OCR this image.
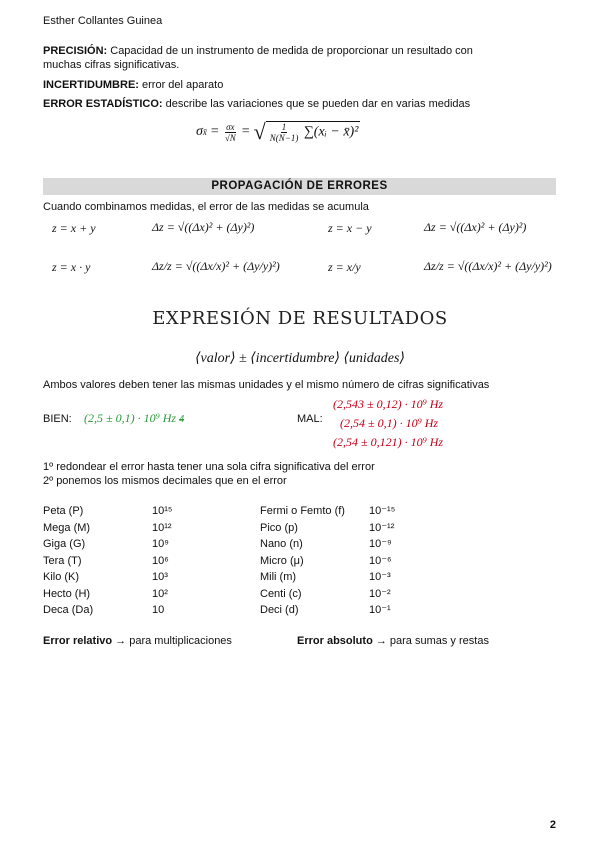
Esther Collantes Guinea
PRECISIÓN: Capacidad de un instrumento de medida de proporcionar un resultado con
muchas cifras significativas.
INCERTIDUMBRE: error del aparato
ERROR ESTADÍSTICO: describe las variaciones que se pueden dar en varias medidas
σ x̄ = $\frac{\sigma x}{√N}$ = √ $\frac{1}{N(N-1)}$ ∑(xᵢ − x̄)²
PROPAGACIÓN DE ERRORES
Cuando combinamos medidas, el error de las medidas se acumula
z = x + y	Δz = √((Δx)² + (Δy)²)	z = x − y	Δz = √((Δx)² + (Δy)²)
z = x · y	Δz/z = √((Δx/x)² + (Δy/y)²)	z = x/y	Δz/z = √((Δx/x)² + (Δy/y)²)
EXPRESIÓN DE RESULTADOS
⟨valor⟩ ± ⟨incertidumbre⟩ ⟨unidades⟩
Ambos valores deben tener las mismas unidades y el mismo número de cifras significativas
BIEN: (2,5 ± 0,1) · 10⁹ Hz 4	MAL:
(2,543 ± 0,12) · 10⁹ Hz
(2,54 ± 0,1) · 10⁹ Hz
(2,54 ± 0,121) · 10⁹ Hz
1º redondear el error hasta tener una sola cifra significativa del error
2º ponemos los mismos decimales que en el error
Peta (P)	10¹⁵
Mega (M)	10¹²
Giga (G)	10⁹
Tera (T)	10⁶
Kilo (K)	10³
Hecto (H)	10²
Deca (Da)	10
Fermi o Femto (f)	10⁻¹⁵
Pico (p)	10⁻¹²
Nano (n)	10⁻⁹
Micro (μ)	10⁻⁶
Mili (m)	10⁻³
Centi (c)	10⁻²
Deci (d)	10⁻¹
Error relativo → para multiplicaciones	Error absoluto → para sumas y restas
2
